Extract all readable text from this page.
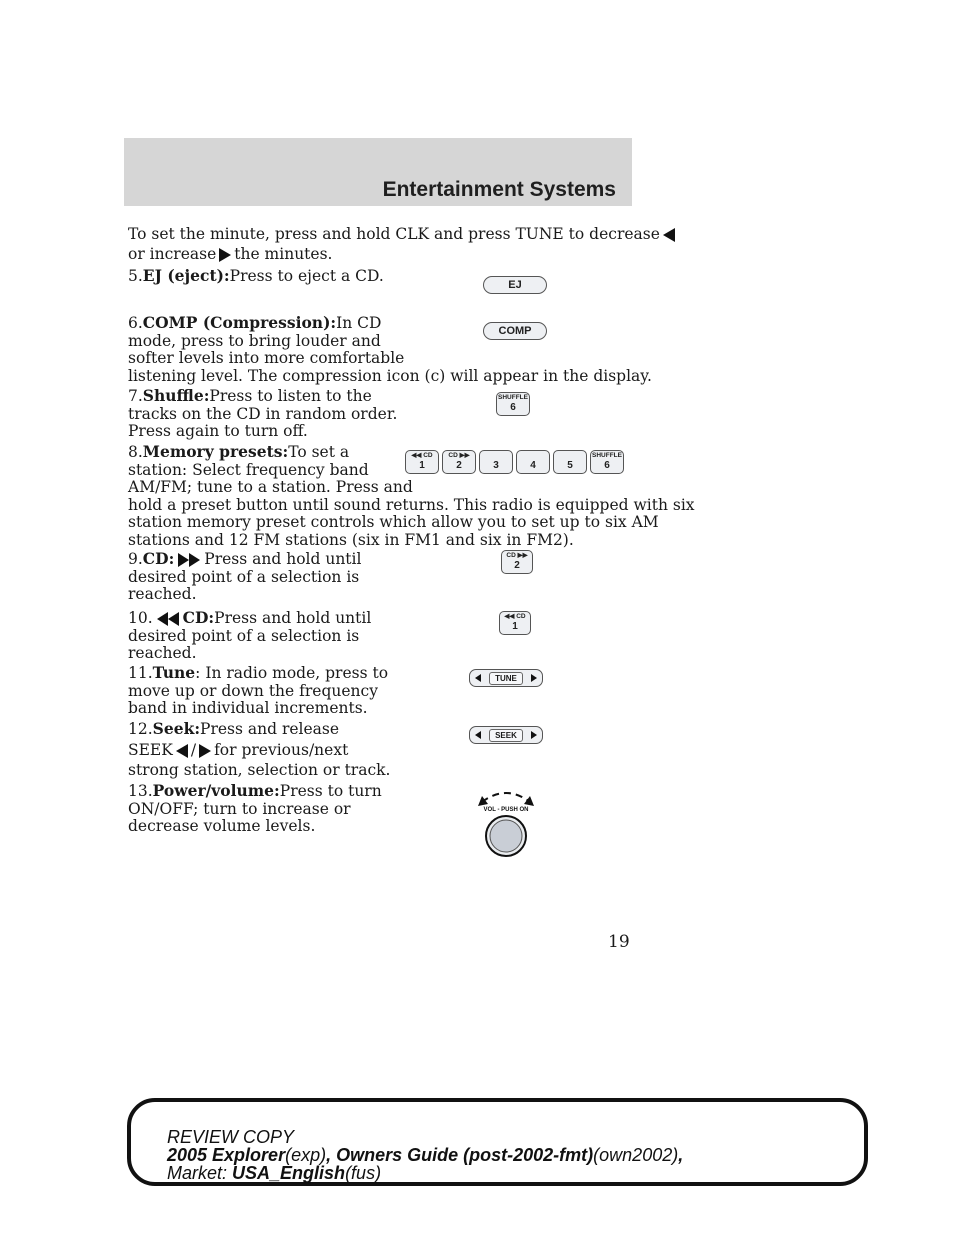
Entertainment Systems
To set the minute, press and hold CLK and press TUNE to decrease
or increase the minutes.
5.EJ (eject):Press to eject a CD.	EJ
6.COMP (Compression):In CD
mode, press to bring louder and
softer levels into more comfortable
listening level. The compression icon (c) will appear in the display.
COMP
7.Shuffle:Press to listen to the
tracks on the CD in random order.
Press again to turn off.
SHUFFLE
6
8.Memory presets:To set a
station: Select frequency band
AM/FM; tune to a station. Press and
hold a preset button until sound returns. This radio is equipped with six
station memory preset controls which allow you to set up to six AM
stations and 12 FM stations (six in FM1 and six in FM2).
◀◀ CD
1
CD ▶▶
2
	3
	4
	5
SHUFFLE
6
9.CD: Press and hold until
desired point of a selection is
reached.
CD ▶▶
2
10. CD:Press and hold until
desired point of a selection is
reached.
◀◀ CD
1
11.Tune: In radio mode, press to
move up or down the frequency
band in individual increments.
TUNE
12.Seek:Press and release
SEEK / for previous/next
strong station, selection or track.
SEEK
13.Power/volume:Press to turn
ON/OFF; turn to increase or
decrease volume levels.
VOL - PUSH ON
19
REVIEW COPY
2005 Explorer(exp), Owners Guide (post-2002-fmt)(own2002),
Market: USA_English(fus)
